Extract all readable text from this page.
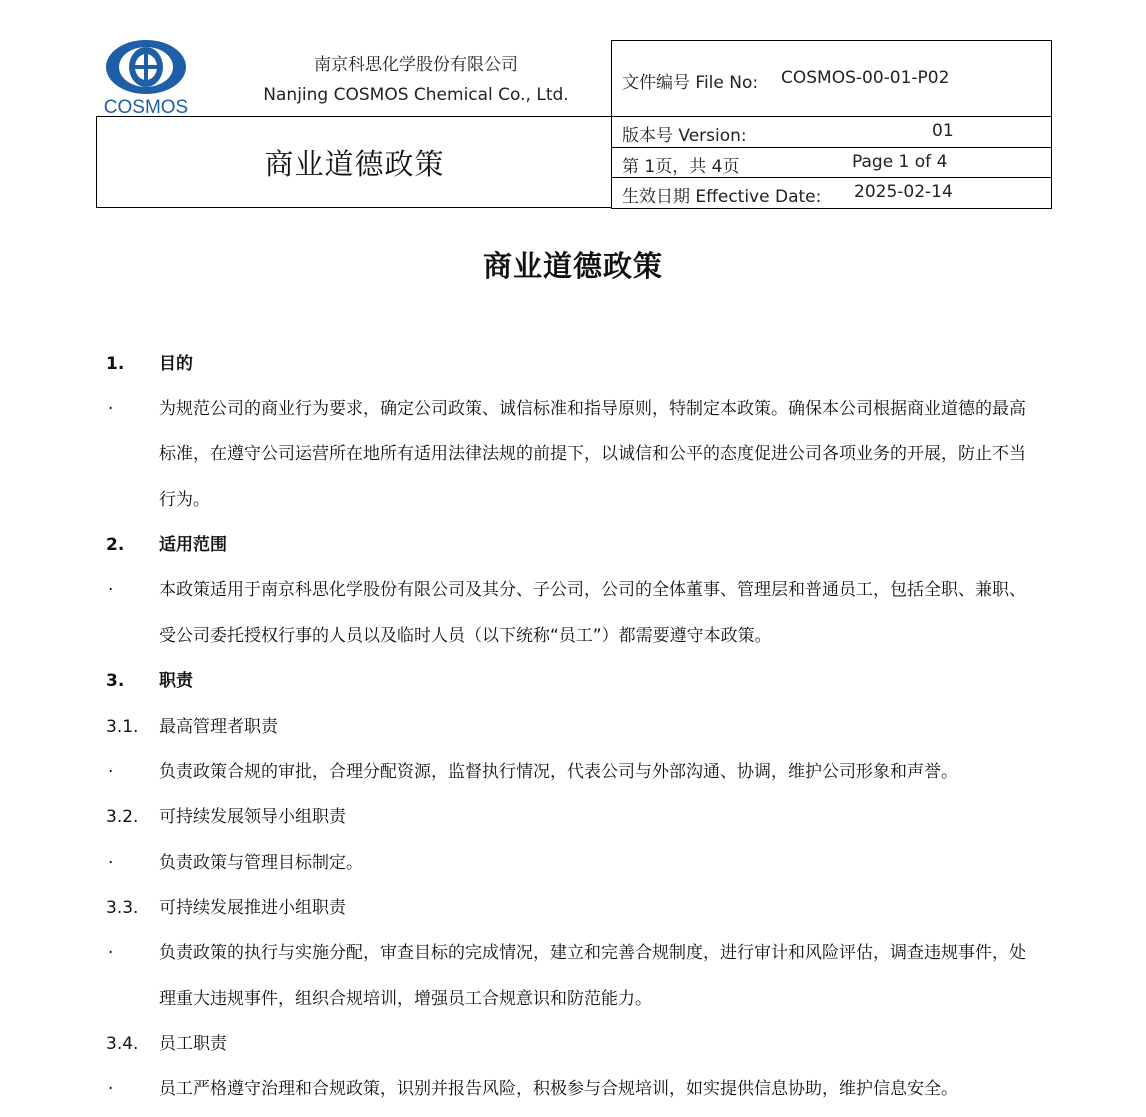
COSMOS
南京科思化学股份有限公司
Nanjing COSMOS Chemical Co., Ltd.
商业道德政策
文件编号 File No: COSMOS-00-01-P02
版本号 Version:	01
第 1页，共 4页	Page 1 of 4
生效日期 Effective Date: 2025-02-14
商业道德政策
1. 目的
·	为规范公司的商业行为要求，确定公司政策、诚信标准和指导原则，特制定本政策。确保本公司根据商业道德的最高
标准，在遵守公司运营所在地所有适用法律法规的前提下，以诚信和公平的态度促进公司各项业务的开展，防止不当
行为。
2. 适用范围
·	本政策适用于南京科思化学股份有限公司及其分、子公司，公司的全体董事、管理层和普通员工，包括全职、兼职、
受公司委托授权行事的人员以及临时人员（以下统称“员工”）都需要遵守本政策。
3. 职责
3.1. 最高管理者职责
·	负责政策合规的审批，合理分配资源，监督执行情况，代表公司与外部沟通、协调，维护公司形象和声誉。
3.2. 可持续发展领导小组职责
·	负责政策与管理目标制定。
3.3. 可持续发展推进小组职责
·	负责政策的执行与实施分配，审查目标的完成情况，建立和完善合规制度，进行审计和风险评估，调查违规事件，处
理重大违规事件，组织合规培训，增强员工合规意识和防范能力。
3.4. 员工职责
·	员工严格遵守治理和合规政策，识别并报告风险，积极参与合规培训，如实提供信息协助，维护信息安全。
